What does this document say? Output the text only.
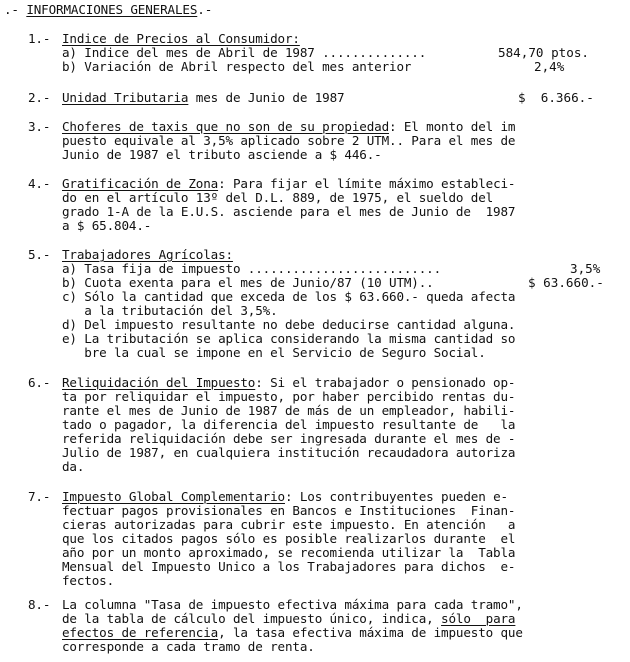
.- INFORMACIONES GENERALES.-
1.- Indice de Precios al Consumidor:
a) Indice del mes de Abril de 1987 ..............	584,70 ptos.
b) Variación de Abril respecto del mes anterior	2,4%
2.- Unidad Tributaria mes de Junio de 1987	$  6.366.-
3.- Choferes de taxis que no son de su propiedad: El monto del im
puesto equivale al 3,5% aplicado sobre 2 UTM.. Para el mes de
Junio de 1987 el tributo asciende a $ 446.-
4.- Gratificación de Zona: Para fijar el límite máximo estableci-
do en el artículo 13º del D.L. 889, de 1975, el sueldo del
grado 1-A de la E.U.S. asciende para el mes de Junio de  1987
a $ 65.804.-
5.- Trabajadores Agrícolas:
a) Tasa fija de impuesto ..........................	3,5%
b) Cuota exenta para el mes de Junio/87 (10 UTM)..	$ 63.660.-
c) Sólo la cantidad que exceda de los $ 63.660.- queda afecta
a la tributación del 3,5%.
d) Del impuesto resultante no debe deducirse cantidad alguna.
e) La tributación se aplica considerando la misma cantidad so
bre la cual se impone en el Servicio de Seguro Social.
6.- Reliquidación del Impuesto: Si el trabajador o pensionado op-
ta por reliquidar el impuesto, por haber percibido rentas du-
rante el mes de Junio de 1987 de más de un empleador, habili-
tado o pagador, la diferencia del impuesto resultante de   la
referida reliquidación debe ser ingresada durante el mes de -
Julio de 1987, en cualquiera institución recaudadora autoriza
da.
7.- Impuesto Global Complementario: Los contribuyentes pueden e-
fectuar pagos provisionales en Bancos e Instituciones  Finan-
cieras autorizadas para cubrir este impuesto. En atención   a
que los citados pagos sólo es posible realizarlos durante  el
año por un monto aproximado, se recomienda utilizar la  Tabla
Mensual del Impuesto Unico a los Trabajadores para dichos  e-
fectos.
8.- La columna "Tasa de impuesto efectiva máxima para cada tramo",
de la tabla de cálculo del impuesto único, indica, sólo  para
efectos de referencia, la tasa efectiva máxima de impuesto que
corresponde a cada tramo de renta.
